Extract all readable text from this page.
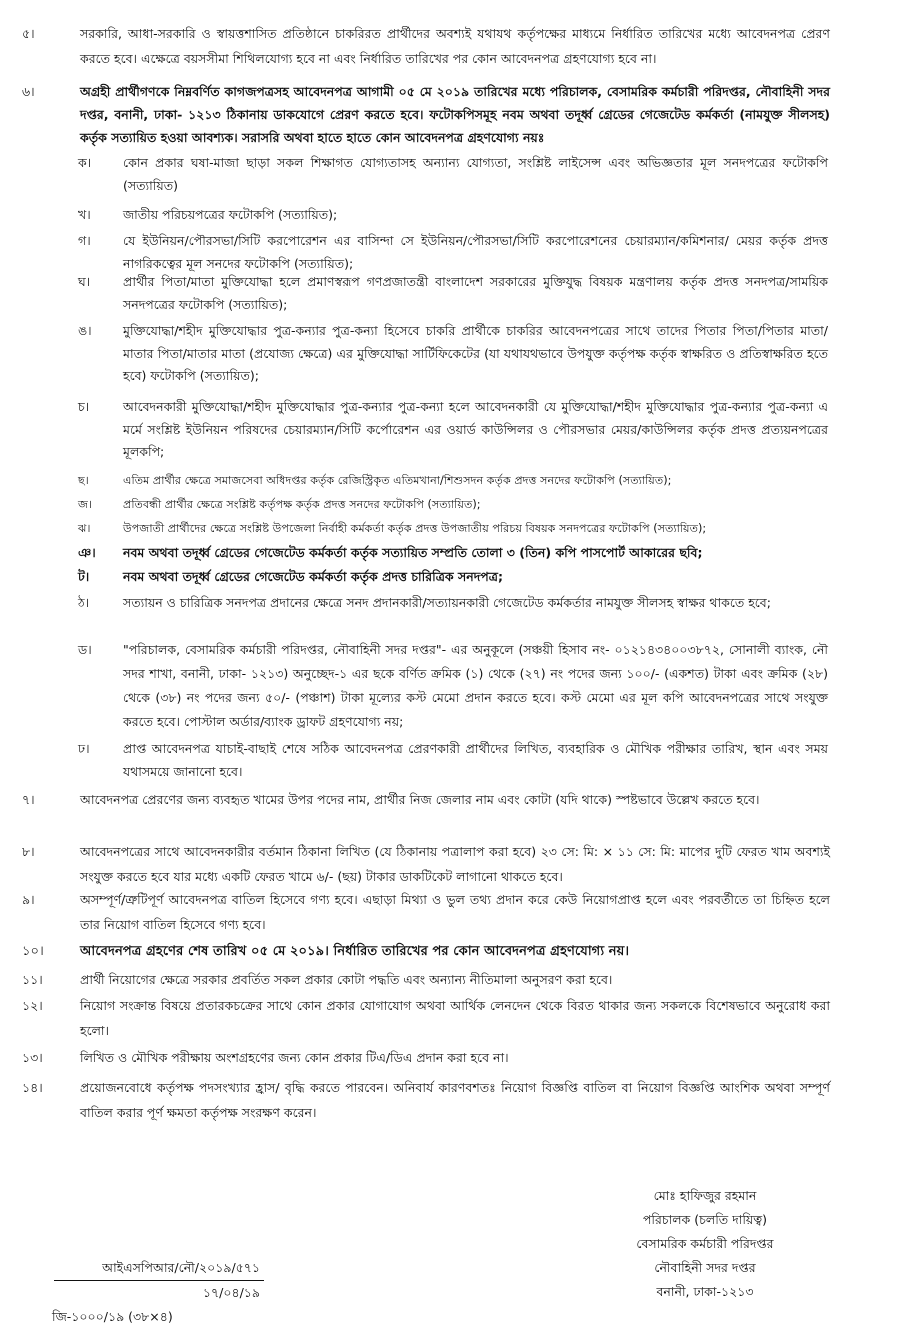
৫।	সরকারি, আধা-সরকারি ও স্বায়ত্তশাসিত প্রতিষ্ঠানে চাকরিরত প্রার্থীদের অবশ্যই যথাযথ কর্তৃপক্ষের মাধ্যমে নির্ধারিত তারিখের মধ্যে আবেদনপত্র প্রেরণ করতে হবে। এক্ষেত্রে বয়সসীমা শিথিলযোগ্য হবে না এবং নির্ধারিত তারিখের পর কোন আবেদনপত্র গ্রহণযোগ্য হবে না।
৬।	অগ্রহী প্রার্থীগণকে নিম্নবর্ণিত কাগজপত্রসহ আবেদনপত্র আগামী ০৫ মে ২০১৯ তারিখের মধ্যে পরিচালক, বেসামরিক কর্মচারী পরিদপ্তর, নৌবাহিনী সদর দপ্তর, বনানী, ঢাকা- ১২১৩ ঠিকানায় ডাকযোগে প্রেরণ করতে হবে। ফটোকপিসমূহ নবম অথবা তদূর্ধ্ব গ্রেডের গেজেটেড কর্মকর্তা (নামযুক্ত সীলসহ) কর্তৃক সত্যায়িত হওয়া আবশ্যক। সরাসরি অথবা হাতে হাতে কোন আবেদনপত্র গ্রহণযোগ্য নয়ঃ
ক।	কোন প্রকার ঘষা-মাজা ছাড়া সকল শিক্ষাগত যোগ্যতাসহ অন্যান্য যোগ্যতা, সংশ্লিষ্ট লাইসেন্স এবং অভিজ্ঞতার মূল সনদপত্রের ফটোকপি (সত্যায়িত)
খ।	জাতীয় পরিচয়পত্রের ফটোকপি (সত্যায়িত);
গ।	যে ইউনিয়ন/পৌরসভা/সিটি করপোরেশন এর বাসিন্দা সে ইউনিয়ন/পৌরসভা/সিটি করপোরেশনের চেয়ারম্যান/কমিশনার/ মেয়র কর্তৃক প্রদত্ত নাগরিকত্বের মূল সনদের ফটোকপি (সত্যায়িত);
ঘ।	প্রার্থীর পিতা/মাতা মুক্তিযোদ্ধা হলে প্রমাণস্বরূপ গণপ্রজাতন্ত্রী বাংলাদেশ সরকারের মুক্তিযুদ্ধ বিষয়ক মন্ত্রণালয় কর্তৃক প্রদত্ত সনদপত্র/সাময়িক সনদপত্রের ফটোকপি (সত্যায়িত);
ঙ।	মুক্তিযোদ্ধা/শহীদ মুক্তিযোদ্ধার পুত্র-কন্যার পুত্র-কন্যা হিসেবে চাকরি প্রার্থীকে চাকরির আবেদনপত্রের সাথে তাদের পিতার পিতা/পিতার মাতা/মাতার পিতা/মাতার মাতা (প্রযোজ্য ক্ষেত্রে) এর মুক্তিযোদ্ধা সার্টিফিকেটের (যা যথাযথভাবে উপযুক্ত কর্তৃপক্ষ কর্তৃক স্বাক্ষরিত ও প্রতিস্বাক্ষরিত হতে হবে) ফটোকপি (সত্যায়িত);
চ।	আবেদনকারী মুক্তিযোদ্ধা/শহীদ মুক্তিযোদ্ধার পুত্র-কন্যার পুত্র-কন্যা হলে আবেদনকারী যে মুক্তিযোদ্ধা/শহীদ মুক্তিযোদ্ধার পুত্র-কন্যার পুত্র-কন্যা এ মর্মে সংশ্লিষ্ট ইউনিয়ন পরিষদের চেয়ারম্যান/সিটি কর্পোরেশন এর ওয়ার্ড কাউন্সিলর ও পৌরসভার মেয়র/কাউন্সিলর কর্তৃক প্রদত্ত প্রত্যয়নপত্রের মূলকপি;
ছ।	এতিম প্রার্থীর ক্ষেত্রে সমাজসেবা অধিদপ্তর কর্তৃক রেজিস্ট্রিকৃত এতিমখানা/শিশুসদন কর্তৃক প্রদত্ত সনদের ফটোকপি (সত্যায়িত);
জ।	প্রতিবন্ধী প্রার্থীর ক্ষেত্রে সংশ্লিষ্ট কর্তৃপক্ষ কর্তৃক প্রদত্ত সনদের ফটোকপি (সত্যায়িত);
ঝ।	উপজাতী প্রার্থীদের ক্ষেত্রে সংশ্লিষ্ট উপজেলা নির্বাহী কর্মকর্তা কর্তৃক প্রদত্ত উপজাতীয় পরিচয় বিষয়ক সনদপত্রের ফটোকপি (সত্যায়িত);
ঞ। নবম অথবা তদূর্ধ্ব গ্রেডের গেজেটেড কর্মকর্তা কর্তৃক সত্যায়িত সম্প্রতি তোলা ৩ (তিন) কপি পাসপোর্ট আকারের ছবি;
ট।	নবম অথবা তদূর্ধ্ব গ্রেডের গেজেটেড কর্মকর্তা কর্তৃক প্রদত্ত চারিত্রিক সনদপত্র;
ঠ।	সত্যায়ন ও চারিত্রিক সনদপত্র প্রদানের ক্ষেত্রে সনদ প্রদানকারী/সত্যায়নকারী গেজেটেড কর্মকর্তার নামযুক্ত সীলসহ স্বাক্ষর থাকতে হবে;
ড।	"পরিচালক, বেসামরিক কর্মচারী পরিদপ্তর, নৌবাহিনী সদর দপ্তর"- এর অনুকূলে (সঞ্চয়ী হিসাব নং- ০১২১৪৩৪০০৩৮৭২, সোনালী ব্যাংক, নৌ সদর শাখা, বনানী, ঢাকা- ১২১৩) অনুচ্ছেদ-১ এর ছকে বর্ণিত ক্রমিক (১) থেকে (২৭) নং পদের জন্য ১০০/- (একশত) টাকা এবং ক্রমিক (২৮) থেকে (৩৮) নং পদের জন্য ৫০/- (পঞ্চাশ) টাকা মূল্যের কস্ট মেমো প্রদান করতে হবে। কস্ট মেমো এর মূল কপি আবেদনপত্রের সাথে সংযুক্ত করতে হবে। পোস্টাল অর্ডার/ব্যাংক ড্রাফট গ্রহণযোগ্য নয়;
ঢ।	প্রাপ্ত আবেদনপত্র যাচাই-বাছাই শেষে সঠিক আবেদনপত্র প্রেরণকারী প্রার্থীদের লিখিত, ব্যবহারিক ও মৌখিক পরীক্ষার তারিখ, স্থান এবং সময় যথাসময়ে জানানো হবে।
৭।	আবেদনপত্র প্রেরণের জন্য ব্যবহৃত খামের উপর পদের নাম, প্রার্থীর নিজ জেলার নাম এবং কোটা (যদি থাকে) স্পষ্টভাবে উল্লেখ করতে হবে।
৮।	আবেদনপত্রের সাথে আবেদনকারীর বর্তমান ঠিকানা লিখিত (যে ঠিকানায় পত্রালাপ করা হবে) ২৩ সে: মি: × ১১ সে: মি: মাপের দুটি ফেরত খাম অবশ্যই সংযুক্ত করতে হবে যার মধ্যে একটি ফেরত খামে ৬/- (ছয়) টাকার ডাকটিকেট লাগানো থাকতে হবে।
৯।	অসম্পূর্ণ/ত্রুটিপূর্ণ আবেদনপত্র বাতিল হিসেবে গণ্য হবে। এছাড়া মিথ্যা ও ভুল তথ্য প্রদান করে কেউ নিয়োগপ্রাপ্ত হলে এবং পরবর্তীতে তা চিহ্নিত হলে তার নিয়োগ বাতিল হিসেবে গণ্য হবে।
১০।	আবেদনপত্র গ্রহণের শেষ তারিখ ০৫ মে ২০১৯। নির্ধারিত তারিখের পর কোন আবেদনপত্র গ্রহণযোগ্য নয়।
১১।	প্রার্থী নিয়োগের ক্ষেত্রে সরকার প্রবর্তিত সকল প্রকার কোটা পদ্ধতি এবং অন্যান্য নীতিমালা অনুসরণ করা হবে।
১২।	নিয়োগ সংক্রান্ত বিষয়ে প্রতারকচক্রের সাথে কোন প্রকার যোগাযোগ অথবা আর্থিক লেনদেন থেকে বিরত থাকার জন্য সকলকে বিশেষভাবে অনুরোধ করা হলো।
১৩।	লিখিত ও মৌখিক পরীক্ষায় অংশগ্রহণের জন্য কোন প্রকার টিএ/ডিএ প্রদান করা হবে না।
১৪।	প্রয়োজনবোধে কর্তৃপক্ষ পদসংখ্যার হ্রাস/ বৃদ্ধি করতে পারবেন। অনিবার্য কারণবশতঃ নিয়োগ বিজ্ঞপ্তি বাতিল বা নিয়োগ বিজ্ঞপ্তি আংশিক অথবা সম্পূর্ণ বাতিল করার পূর্ণ ক্ষমতা কর্তৃপক্ষ সংরক্ষণ করেন।
মোঃ হাফিজুর রহমান
পরিচালক (চলতি দায়িত্ব)
বেসামরিক কর্মচারী পরিদপ্তর
নৌবাহিনী সদর দপ্তর
বনানী, ঢাকা-১২১৩
আইএসপিআর/নৌ/২০১৯/৫৭১
১৭/০৪/১৯
জি-১০০০/১৯ (৩৮×৪)
